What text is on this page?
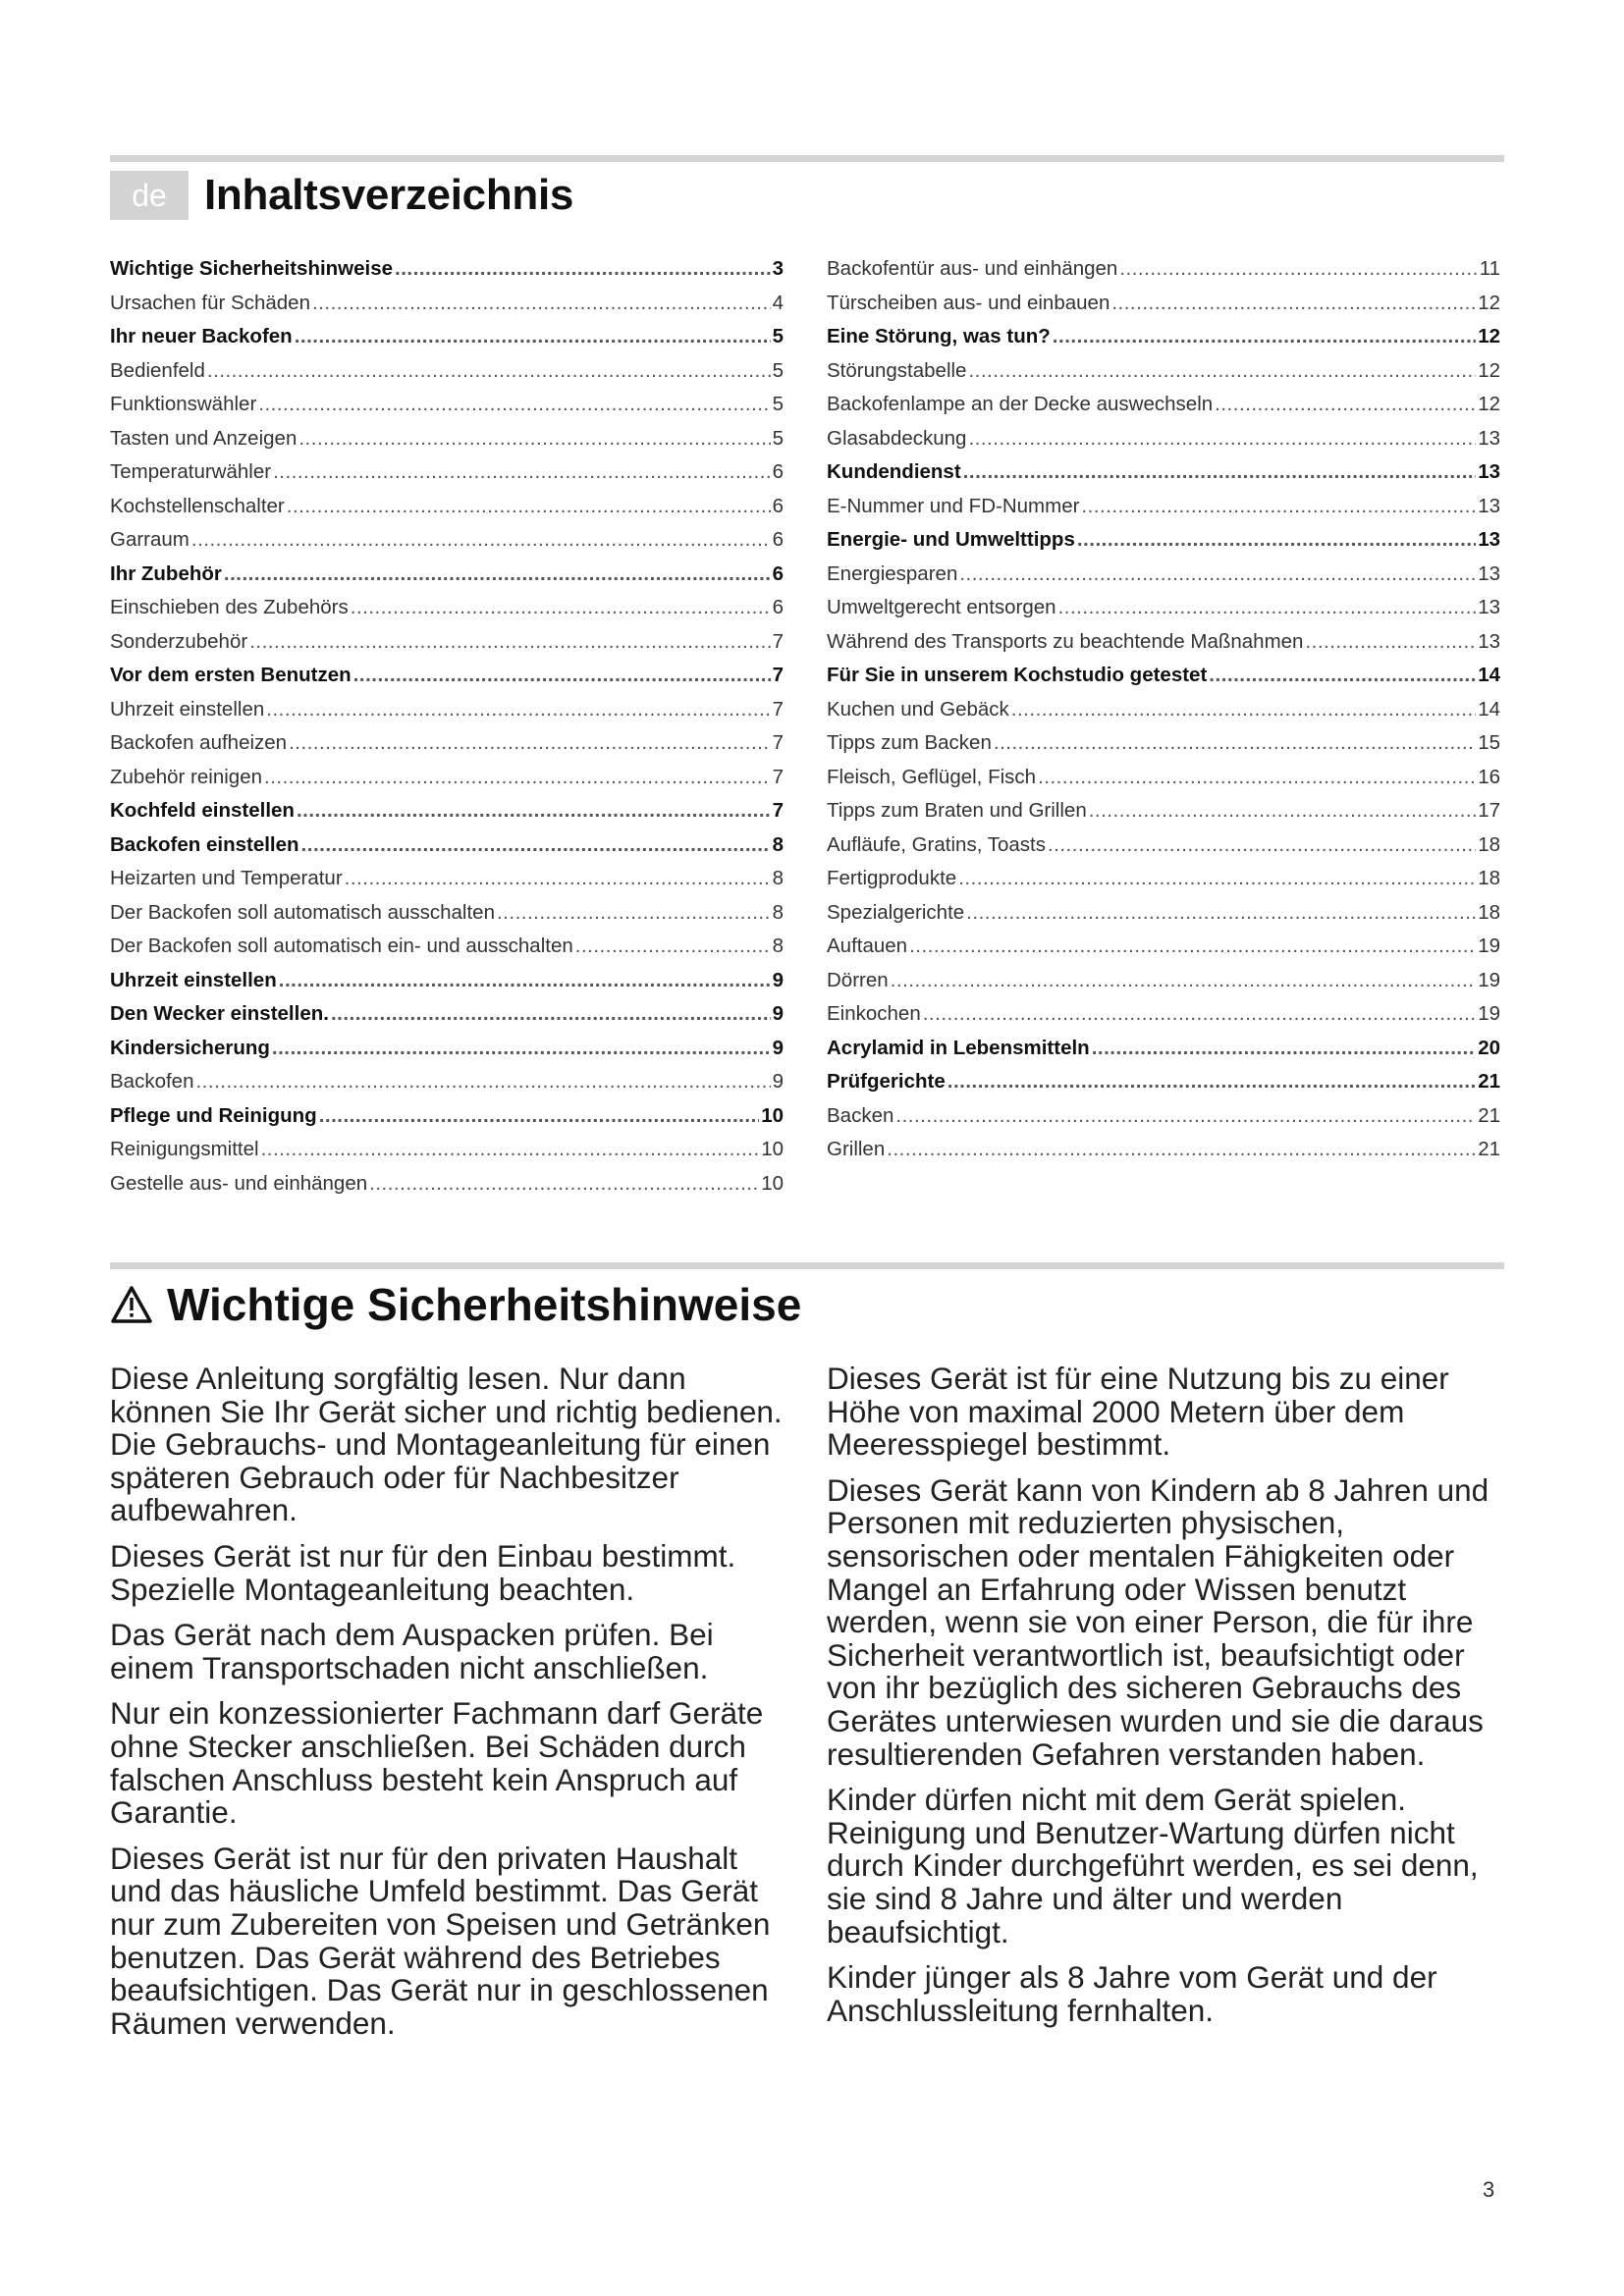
de Inhaltsverzeichnis
Wichtige Sicherheitshinweise .....	3
Ursachen für Schäden .....	4
Ihr neuer Backofen .....	5
Bedienfeld .....	5
Funktionswähler .....	5
Tasten und Anzeigen .....	5
Temperaturwähler .....	6
Kochstellenschalter .....	6
Garraum .....	6
Ihr Zubehör .....	6
Einschieben des Zubehörs .....	6
Sonderzubehör .....	7
Vor dem ersten Benutzen .....	7
Uhrzeit einstellen .....	7
Backofen aufheizen .....	7
Zubehör reinigen .....	7
Kochfeld einstellen .....	7
Backofen einstellen .....	8
Heizarten und Temperatur .....	8
Der Backofen soll automatisch ausschalten .....	8
Der Backofen soll automatisch ein- und ausschalten .....	8
Uhrzeit einstellen .....	9
Den Wecker einstellen. .....	9
Kindersicherung .....	9
Backofen .....	9
Pflege und Reinigung .....	10
Reinigungsmittel .....	10
Gestelle aus- und einhängen .....	10
Backofentür aus- und einhängen .....	11
Türscheiben aus- und einbauen .....	12
Eine Störung, was tun? .....	12
Störungstabelle .....	12
Backofenlampe an der Decke auswechseln .....	12
Glasabdeckung .....	13
Kundendienst .....	13
E-Nummer und FD-Nummer .....	13
Energie- und Umwelttipps .....	13
Energiesparen .....	13
Umweltgerecht entsorgen .....	13
Während des Transports zu beachtende Maßnahmen .....	13
Für Sie in unserem Kochstudio getestet .....	14
Kuchen und Gebäck .....	14
Tipps zum Backen .....	15
Fleisch, Geflügel, Fisch .....	16
Tipps zum Braten und Grillen .....	17
Aufläufe, Gratins, Toasts .....	18
Fertigprodukte .....	18
Spezialgerichte .....	18
Auftauen .....	19
Dörren .....	19
Einkochen .....	19
Acrylamid in Lebensmitteln .....	20
Prüfgerichte .....	21
Backen .....	21
Grillen .....	21
Wichtige Sicherheitshinweise

Diese Anleitung sorgfältig lesen. Nur dann können Sie Ihr Gerät sicher und richtig bedienen. Die Gebrauchs- und Montageanleitung für einen späteren Gebrauch oder für Nachbesitzer aufbewahren.

Dieses Gerät ist nur für den Einbau bestimmt. Spezielle Montageanleitung beachten.

Das Gerät nach dem Auspacken prüfen. Bei einem Transportschaden nicht anschließen.

Nur ein konzessionierter Fachmann darf Geräte ohne Stecker anschließen. Bei Schäden durch falschen Anschluss besteht kein Anspruch auf Garantie.

Dieses Gerät ist nur für den privaten Haushalt und das häusliche Umfeld bestimmt. Das Gerät nur zum Zubereiten von Speisen und Getränken benutzen. Das Gerät während des Betriebes beaufsichtigen. Das Gerät nur in geschlossenen Räumen verwenden.

Dieses Gerät ist für eine Nutzung bis zu einer Höhe von maximal 2000 Metern über dem Meeresspiegel bestimmt.

Dieses Gerät kann von Kindern ab 8 Jahren und Personen mit reduzierten physischen, sensorischen oder mentalen Fähigkeiten oder Mangel an Erfahrung oder Wissen benutzt werden, wenn sie von einer Person, die für ihre Sicherheit verantwortlich ist, beaufsichtigt oder von ihr bezüglich des sicheren Gebrauchs des Gerätes unterwiesen wurden und sie die daraus resultierenden Gefahren verstanden haben.

Kinder dürfen nicht mit dem Gerät spielen. Reinigung und Benutzer-Wartung dürfen nicht durch Kinder durchgeführt werden, es sei denn, sie sind 8 Jahre und älter und werden beaufsichtigt.

Kinder jünger als 8 Jahre vom Gerät und der Anschlussleitung fernhalten.

3
